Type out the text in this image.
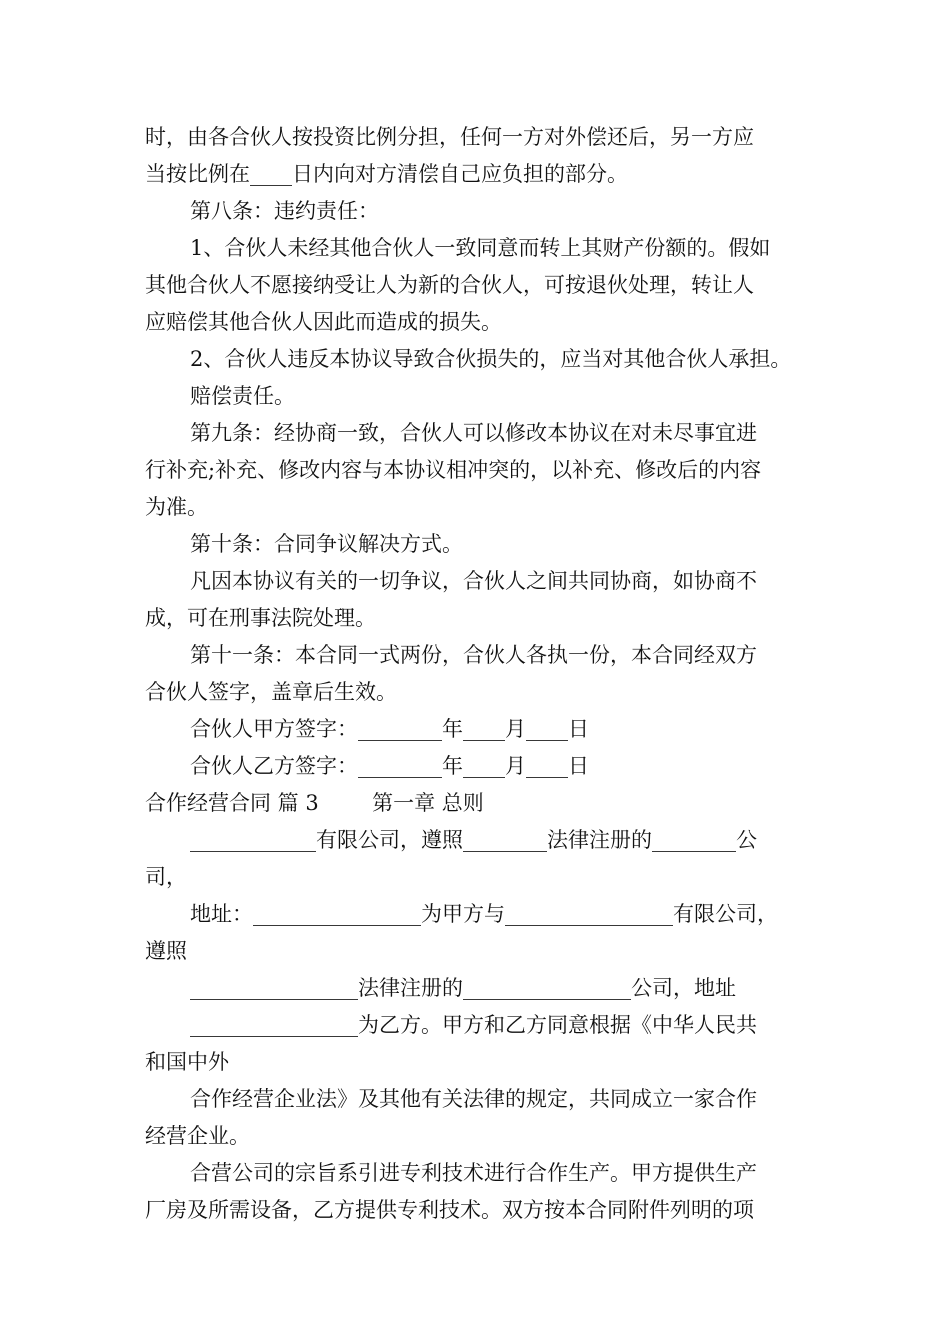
时，由各合伙人按投资比例分担，任何一方对外偿还后，另一方应
当按比例在____日内向对方清偿自己应负担的部分。
第八条：违约责任：
1、合伙人未经其他合伙人一致同意而转上其财产份额的。假如
其他合伙人不愿接纳受让人为新的合伙人，可按退伙处理，转让人
应赔偿其他合伙人因此而造成的损失。
2、合伙人违反本协议导致合伙损失的，应当对其他合伙人承担。
赔偿责任。
第九条：经协商一致，合伙人可以修改本协议在对未尽事宜进
行补充;补充、修改内容与本协议相冲突的，以补充、修改后的内容
为准。
第十条：合同争议解决方式。
凡因本协议有关的一切争议，合伙人之间共同协商，如协商不
成，可在刑事法院处理。
第十一条：本合同一式两份，合伙人各执一份，本合同经双方
合伙人签字，盖章后生效。
合伙人甲方签字：________年____月____日
合伙人乙方签字：________年____月____日
合作经营合同 篇 3        第一章 总则
____________有限公司，遵照________法律注册的________公
司，
地址：________________为甲方与________________有限公司，
遵照
________________法律注册的________________公司，地址
________________为乙方。甲方和乙方同意根据《中华人民共
和国中外
合作经营企业法》及其他有关法律的规定，共同成立一家合作
经营企业。
合营公司的宗旨系引进专利技术进行合作生产。甲方提供生产
厂房及所需设备，乙方提供专利技术。双方按本合同附件列明的项
